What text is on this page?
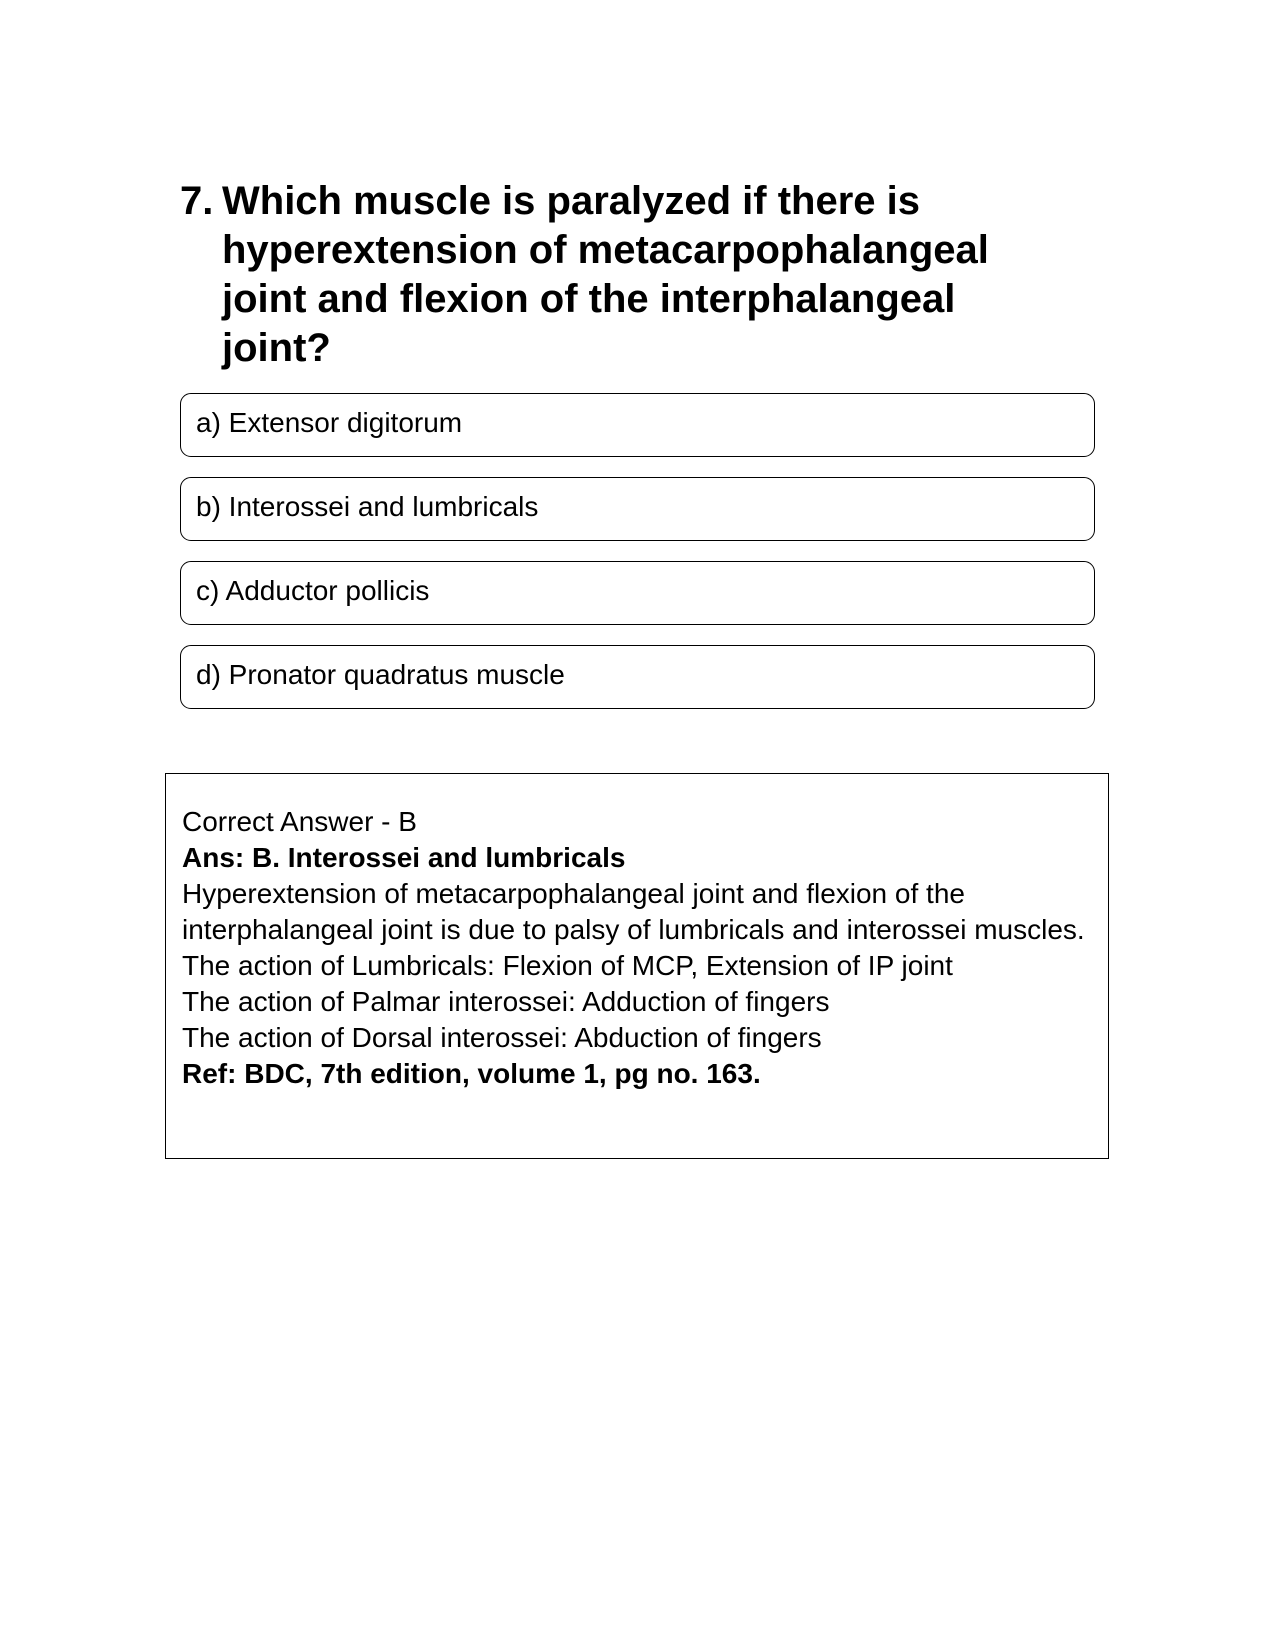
7. Which muscle is paralyzed if there is hyperextension of metacarpophalangeal joint and flexion of the interphalangeal joint?
a) Extensor digitorum
b) Interossei and lumbricals
c) Adductor pollicis
d) Pronator quadratus muscle
Correct Answer - B
Ans: B. Interossei and lumbricals
Hyperextension of metacarpophalangeal joint and flexion of the interphalangeal joint is due to palsy of lumbricals and interossei muscles.
The action of Lumbricals: Flexion of MCP, Extension of IP joint
The action of Palmar interossei: Adduction of fingers
The action of Dorsal interossei: Abduction of fingers
Ref: BDC, 7th edition, volume 1, pg no. 163.
